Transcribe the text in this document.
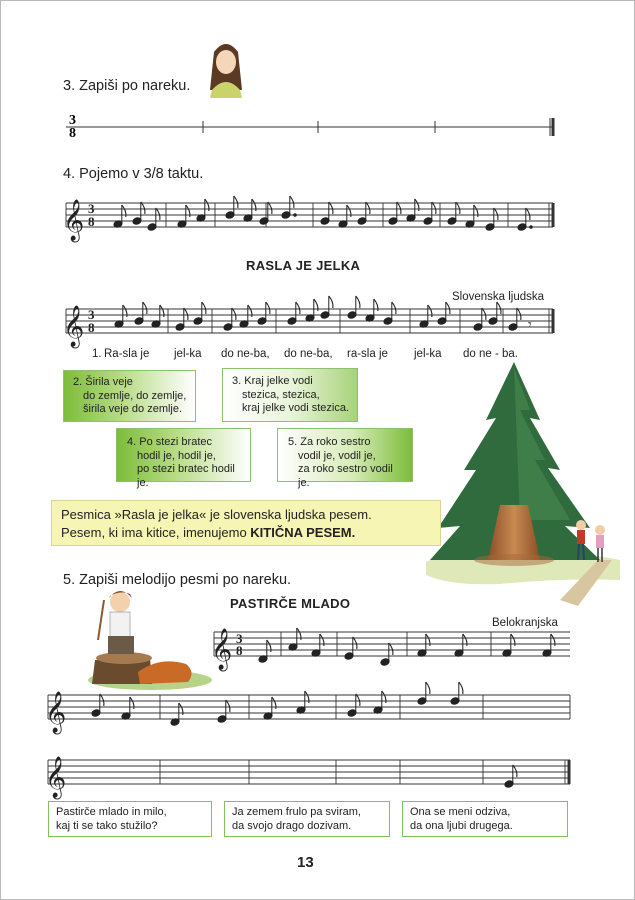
3
8
𝄞 3
8
𝄞 3
8	𝄾
𝄞 3
8
𝄞
𝄞
3. Zapiši po nareku.
4. Pojemo v 3/8 taktu.
RASLA JE JELKA
Slovenska ljudska
1. Ra-sla je jel-ka do ne-ba, do ne-ba, ra-sla je jel-ka do ne - ba.
2. Širila veje
do zemlje, do zemlje,
širila veje do zemlje.
3. Kraj jelke vodi
stezica, stezica,
kraj jelke vodi stezica.
4. Po stezi bratec
hodil je, hodil je,
po stezi bratec hodil je.
5. Za roko sestro
vodil je, vodil je,
za roko sestro vodil je.
Pesmica »Rasla je jelka« je slovenska ljudska pesem.
Pesem, ki ima kitice, imenujemo KITIČNA PESEM.
5. Zapiši melodijo pesmi po nareku.
PASTIRČE MLADO
Belokranjska
Pastirče mlado in milo,
kaj ti se tako stužilo?
Ja zemem frulo pa sviram,
da svojo drago dozivam.
Ona se meni odziva,
da ona ljubi drugega.
13
